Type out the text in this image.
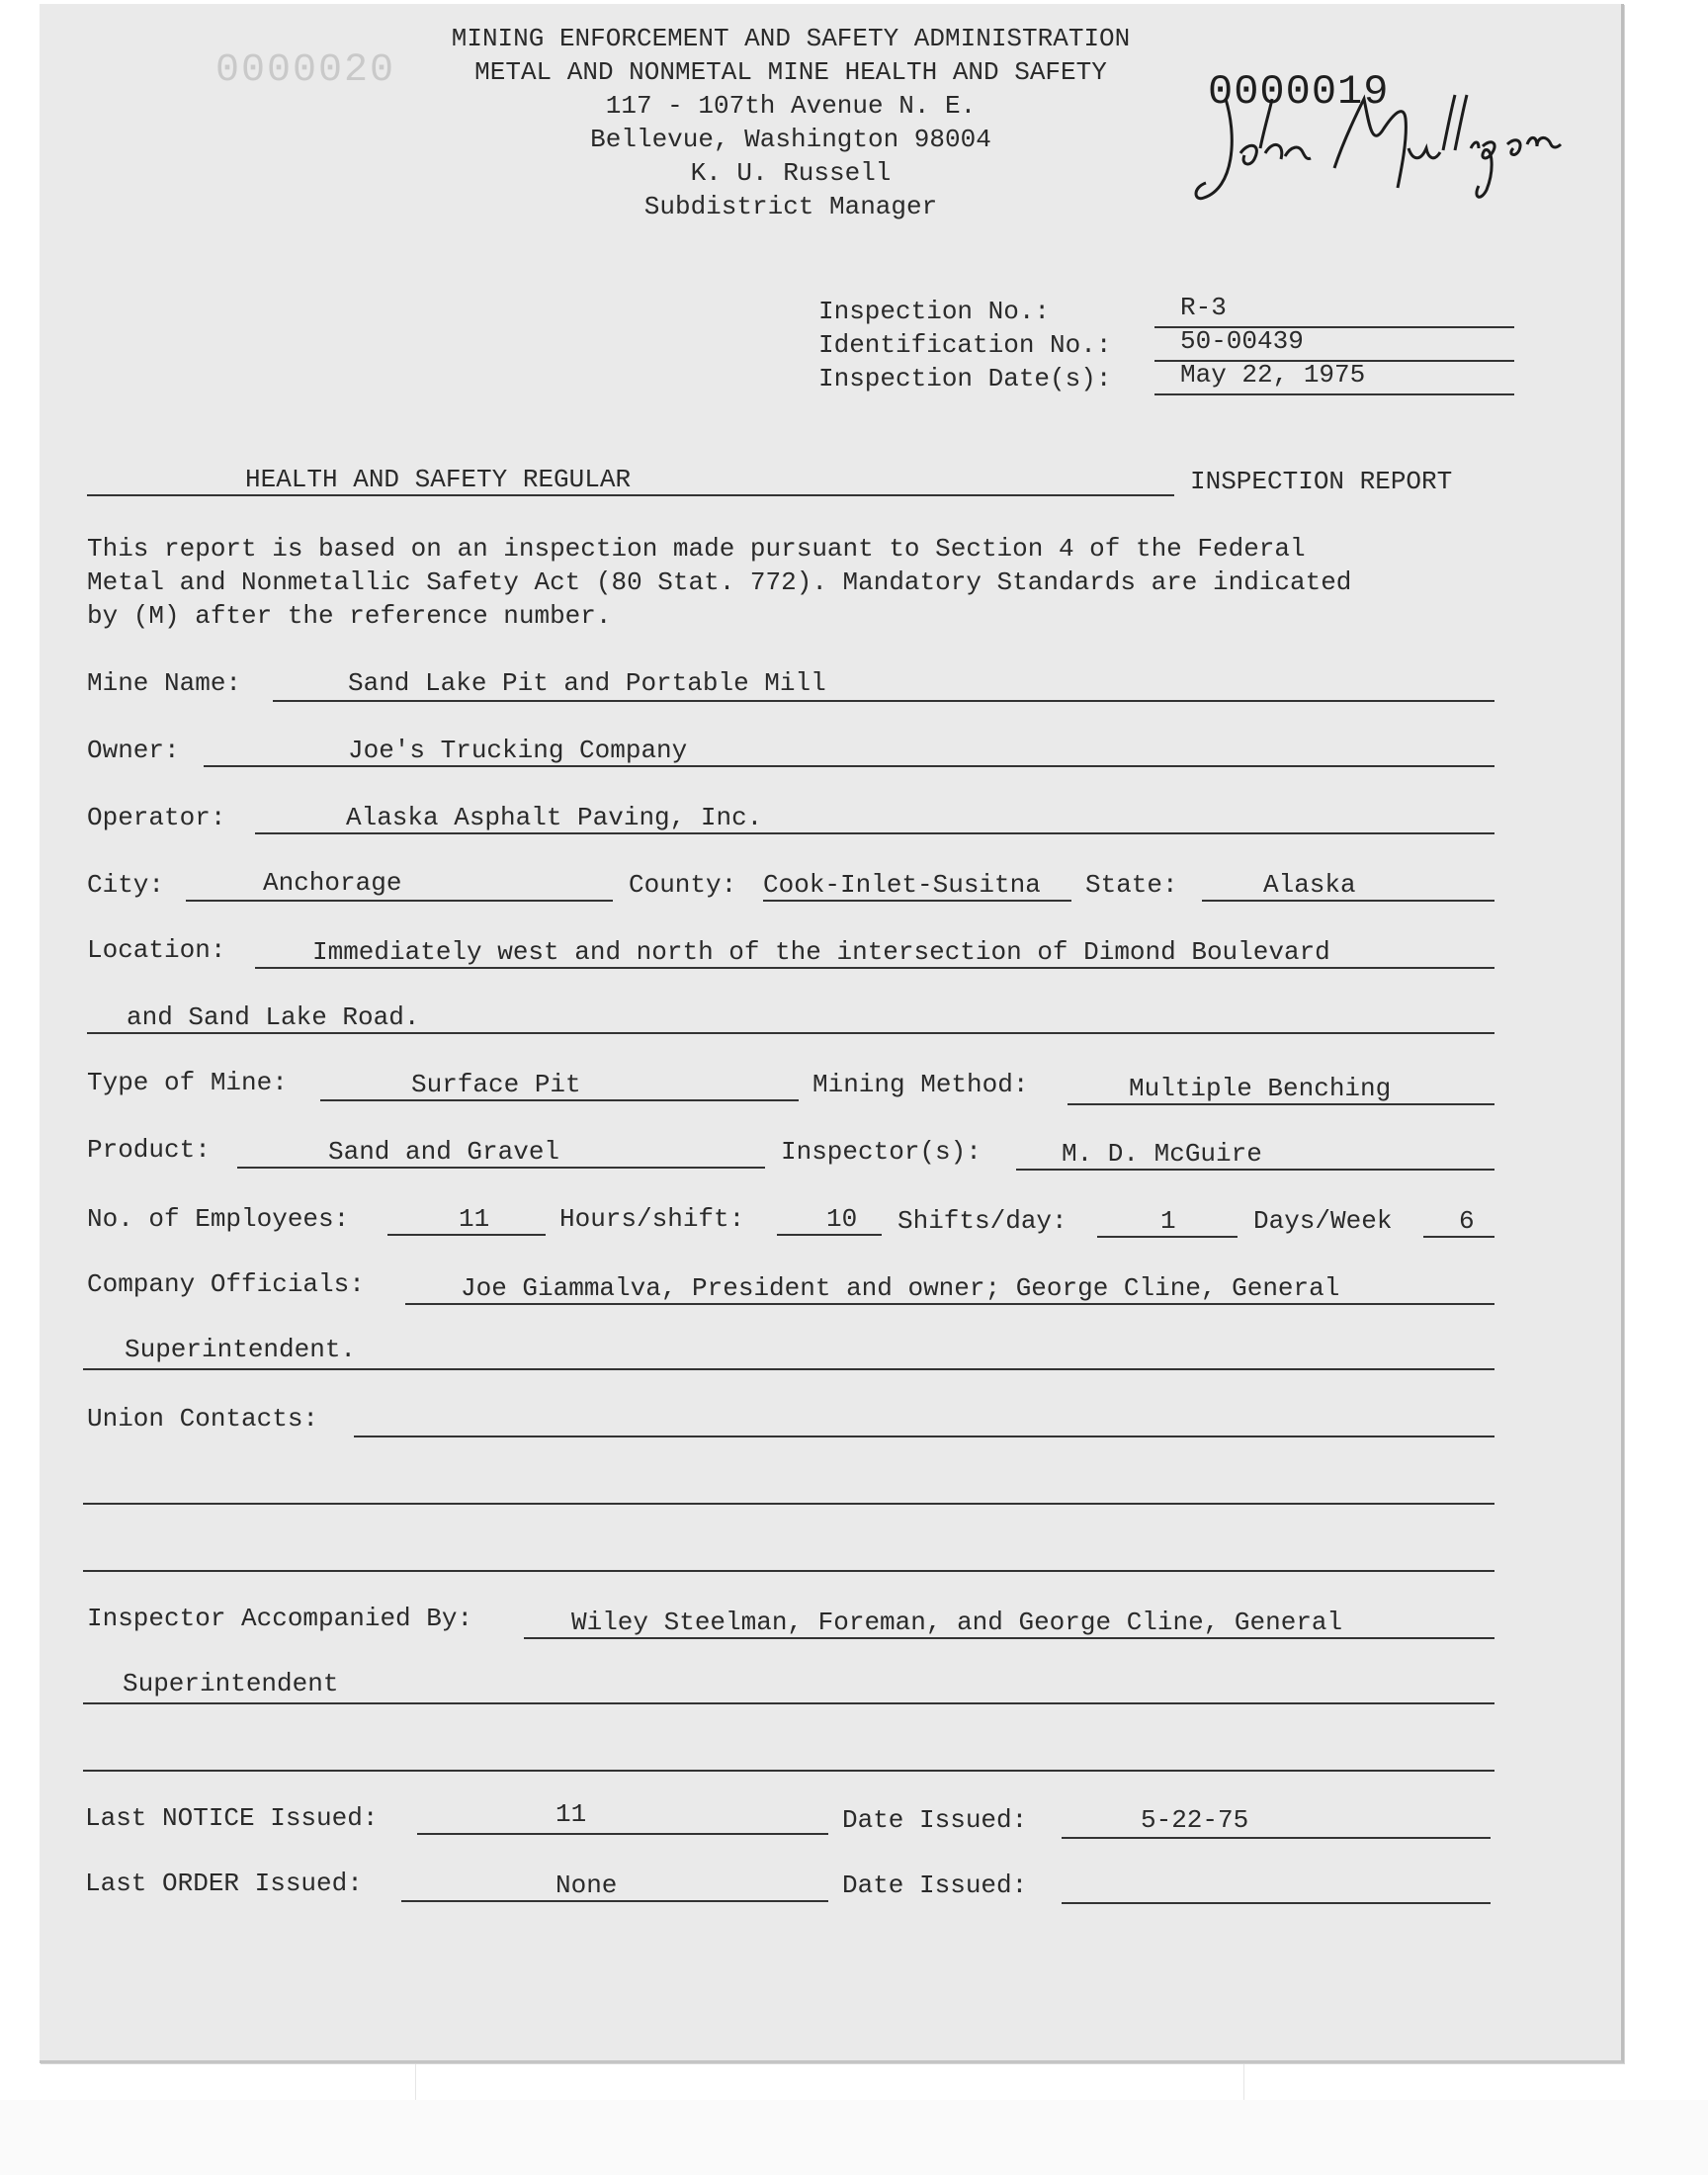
0000020	0000019
MINING ENFORCEMENT AND SAFETY ADMINISTRATION
METAL AND NONMETAL MINE HEALTH AND SAFETY
117 - 107th Avenue N. E.
Bellevue, Washington 98004
K. U. Russell
Subdistrict Manager
Inspection No.:	R-3
Identification No.:	50-00439
Inspection Date(s):	May 22, 1975
HEALTH AND SAFETY REGULAR	INSPECTION REPORT
This report is based on an inspection made pursuant to Section 4 of the Federal
Metal and Nonmetallic Safety Act (80 Stat. 772). Mandatory Standards are indicated
by (M) after the reference number.
Mine Name:	Sand Lake Pit and Portable Mill
Owner:	Joe's Trucking Company
Operator:	Alaska Asphalt Paving, Inc.
City:	Anchorage	County: Cook-Inlet-Susitna State:	Alaska
Location:	Immediately west and north of the intersection of Dimond Boulevard
and Sand Lake Road.
Type of Mine:	Surface Pit	Mining Method:	Multiple Benching
Product:	Sand and Gravel	Inspector(s):	M. D. McGuire
No. of Employees:	11	Hours/shift:	10 Shifts/day:	1	Days/Week	6
Company Officials:	Joe Giammalva, President and owner; George Cline, General
Superintendent.
Union Contacts:
Inspector Accompanied By:	Wiley Steelman, Foreman, and George Cline, General
Superintendent
Last NOTICE Issued:	11	Date Issued:	5-22-75
Last ORDER Issued:	None	Date Issued:
